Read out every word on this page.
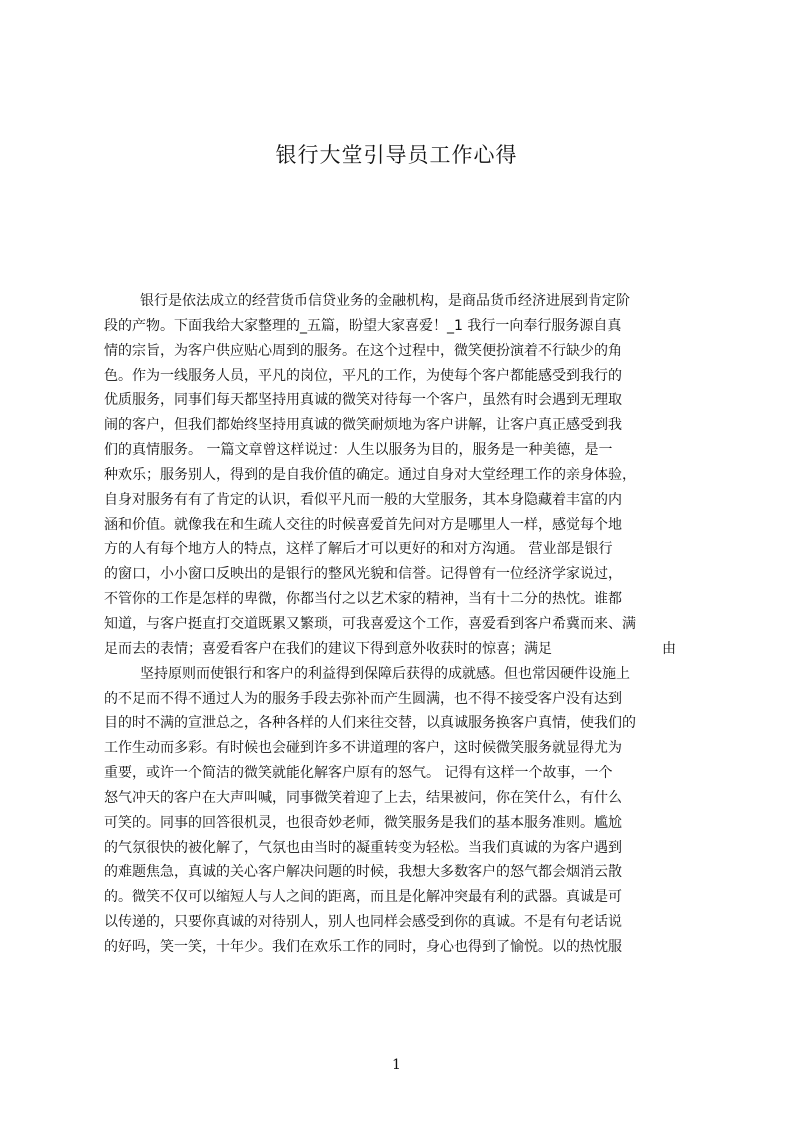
银行大堂引导员工作心得
银行是依法成立的经营货币信贷业务的金融机构，是商品货币经济进展到肯定阶
段的产物。下面我给大家整理的_五篇，盼望大家喜爱！_1 我行一向奉行服务源自真
情的宗旨，为客户供应贴心周到的服务。在这个过程中，微笑便扮演着不行缺少的角
色。作为一线服务人员，平凡的岗位，平凡的工作，为使每个客户都能感受到我行的
优质服务，同事们每天都坚持用真诚的微笑对待每一个客户，虽然有时会遇到无理取
闹的客户，但我们都始终坚持用真诚的微笑耐烦地为客户讲解，让客户真正感受到我
们的真情服务。 一篇文章曾这样说过：人生以服务为目的，服务是一种美德，是一
种欢乐；服务别人，得到的是自我价值的确定。通过自身对大堂经理工作的亲身体验，
自身对服务有有了肯定的认识，看似平凡而一般的大堂服务，其本身隐藏着丰富的内
涵和价值。就像我在和生疏人交往的时候喜爱首先问对方是哪里人一样，感觉每个地
方的人有每个地方人的特点，这样了解后才可以更好的和对方沟通。 营业部是银行
的窗口，小小窗口反映出的是银行的整风光貌和信誉。记得曾有一位经济学家说过，
不管你的工作是怎样的卑微，你都当付之以艺术家的精神，当有十二分的热忱。谁都
知道，与客户挺直打交道既累又繁琐，可我喜爱这个工作，喜爱看到客户希冀而来、满
足而去的表情；喜爱看客户在我们的建议下得到意外收获时的惊喜；满足	由
坚持原则而使银行和客户的利益得到保障后获得的成就感。但也常因硬件设施上
的不足而不得不通过人为的服务手段去弥补而产生圆满，也不得不接受客户没有达到
目的时不满的宣泄总之，各种各样的人们来往交替，以真诚服务换客户真情，使我们的
工作生动而多彩。有时候也会碰到许多不讲道理的客户，这时候微笑服务就显得尤为
重要，或许一个简洁的微笑就能化解客户原有的怒气。 记得有这样一个故事，一个
怒气冲天的客户在大声叫喊，同事微笑着迎了上去，结果被问，你在笑什么，有什么
可笑的。同事的回答很机灵，也很奇妙老师，微笑服务是我们的基本服务准则。尴尬
的气氛很快的被化解了，气氛也由当时的凝重转变为轻松。当我们真诚的为客户遇到
的难题焦急，真诚的关心客户解决问题的时候，我想大多数客户的怒气都会烟消云散
的。微笑不仅可以缩短人与人之间的距离，而且是化解冲突最有利的武器。真诚是可
以传递的，只要你真诚的对待别人，别人也同样会感受到你的真诚。不是有句老话说
的好吗，笑一笑，十年少。我们在欢乐工作的同时，身心也得到了愉悦。以的热忱服
1
